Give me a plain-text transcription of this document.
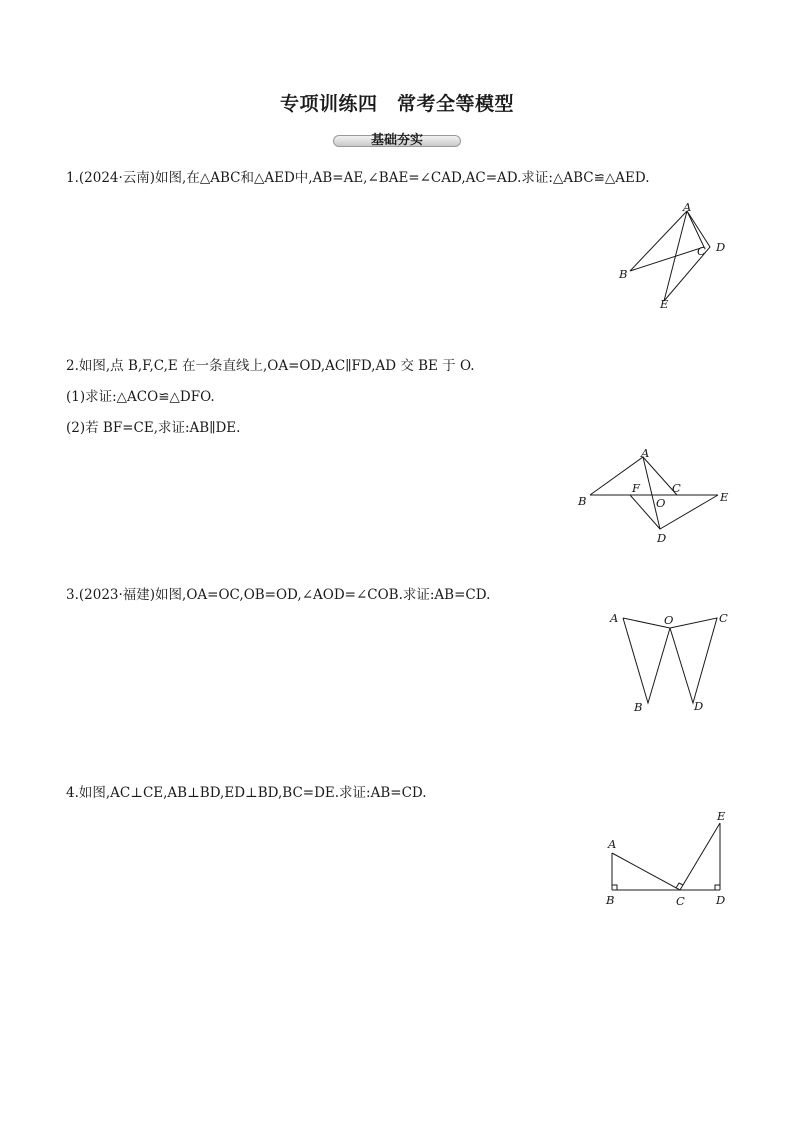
专项训练四　常考全等模型
基础夯实
1.(2024·云南)如图,在△ABC和△AED中,AB=AE,∠BAE=∠CAD,AC=AD.求证:△ABC≌△AED.
A
B
C D
E
2.如图,点 B,F,C,E 在一条直线上,OA=OD,AC∥FD,AD 交 BE 于 O.
(1)求证:△ACO≌△DFO.
(2)若 BF=CE,求证:AB∥DE.
A
B
C
D
E
F
O
3.(2023·福建)如图,OA=OC,OB=OD,∠AOD=∠COB.求证:AB=CD.
A
B
C
D
O
4.如图,AC⊥CE,AB⊥BD,ED⊥BD,BC=DE.求证:AB=CD.
A
B	C	D
E
